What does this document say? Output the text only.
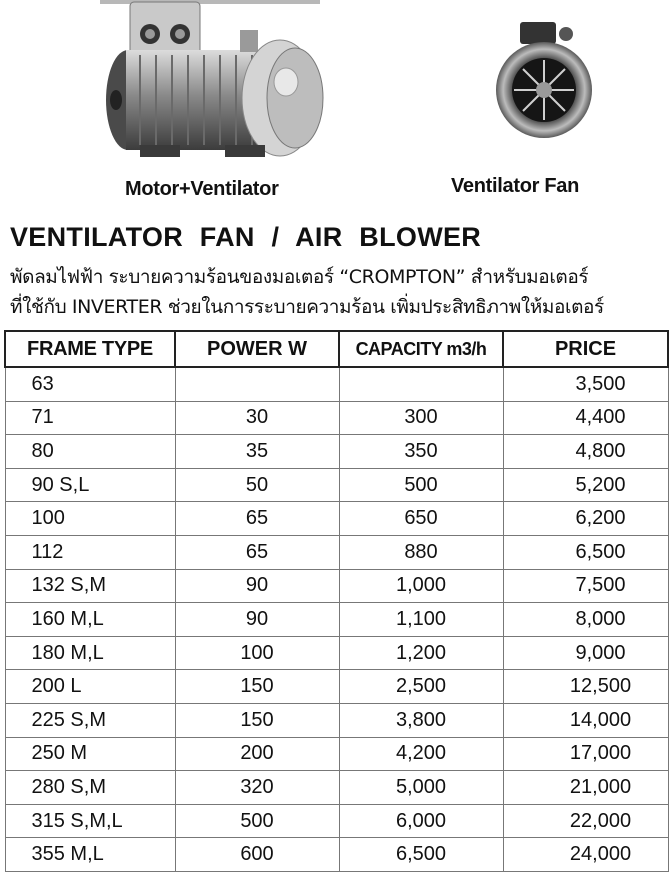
Motor+Ventilator	Ventilator Fan
VENTILATOR FAN / AIR BLOWER
พัดลมไฟฟ้า ระบายความร้อนของมอเตอร์ “CROMPTON” สำหรับมอเตอร์
ที่ใช้กับ INVERTER ช่วยในการระบายความร้อน เพิ่มประสิทธิภาพให้มอเตอร์
FRAME TYPE	POWER W	CAPACITY m3/h	PRICE
63			3,500
71	30	300	4,400
80	35	350	4,800
90 S,L	50	500	5,200
100	65	650	6,200
112	65	880	6,500
132 S,M	90	1,000	7,500
160 M,L	90	1,100	8,000
180 M,L	100	1,200	9,000
200 L	150	2,500	12,500
225 S,M	150	3,800	14,000
250 M	200	4,200	17,000
280 S,M	320	5,000	21,000
315 S,M,L	500	6,000	22,000
355 M,L	600	6,500	24,000
